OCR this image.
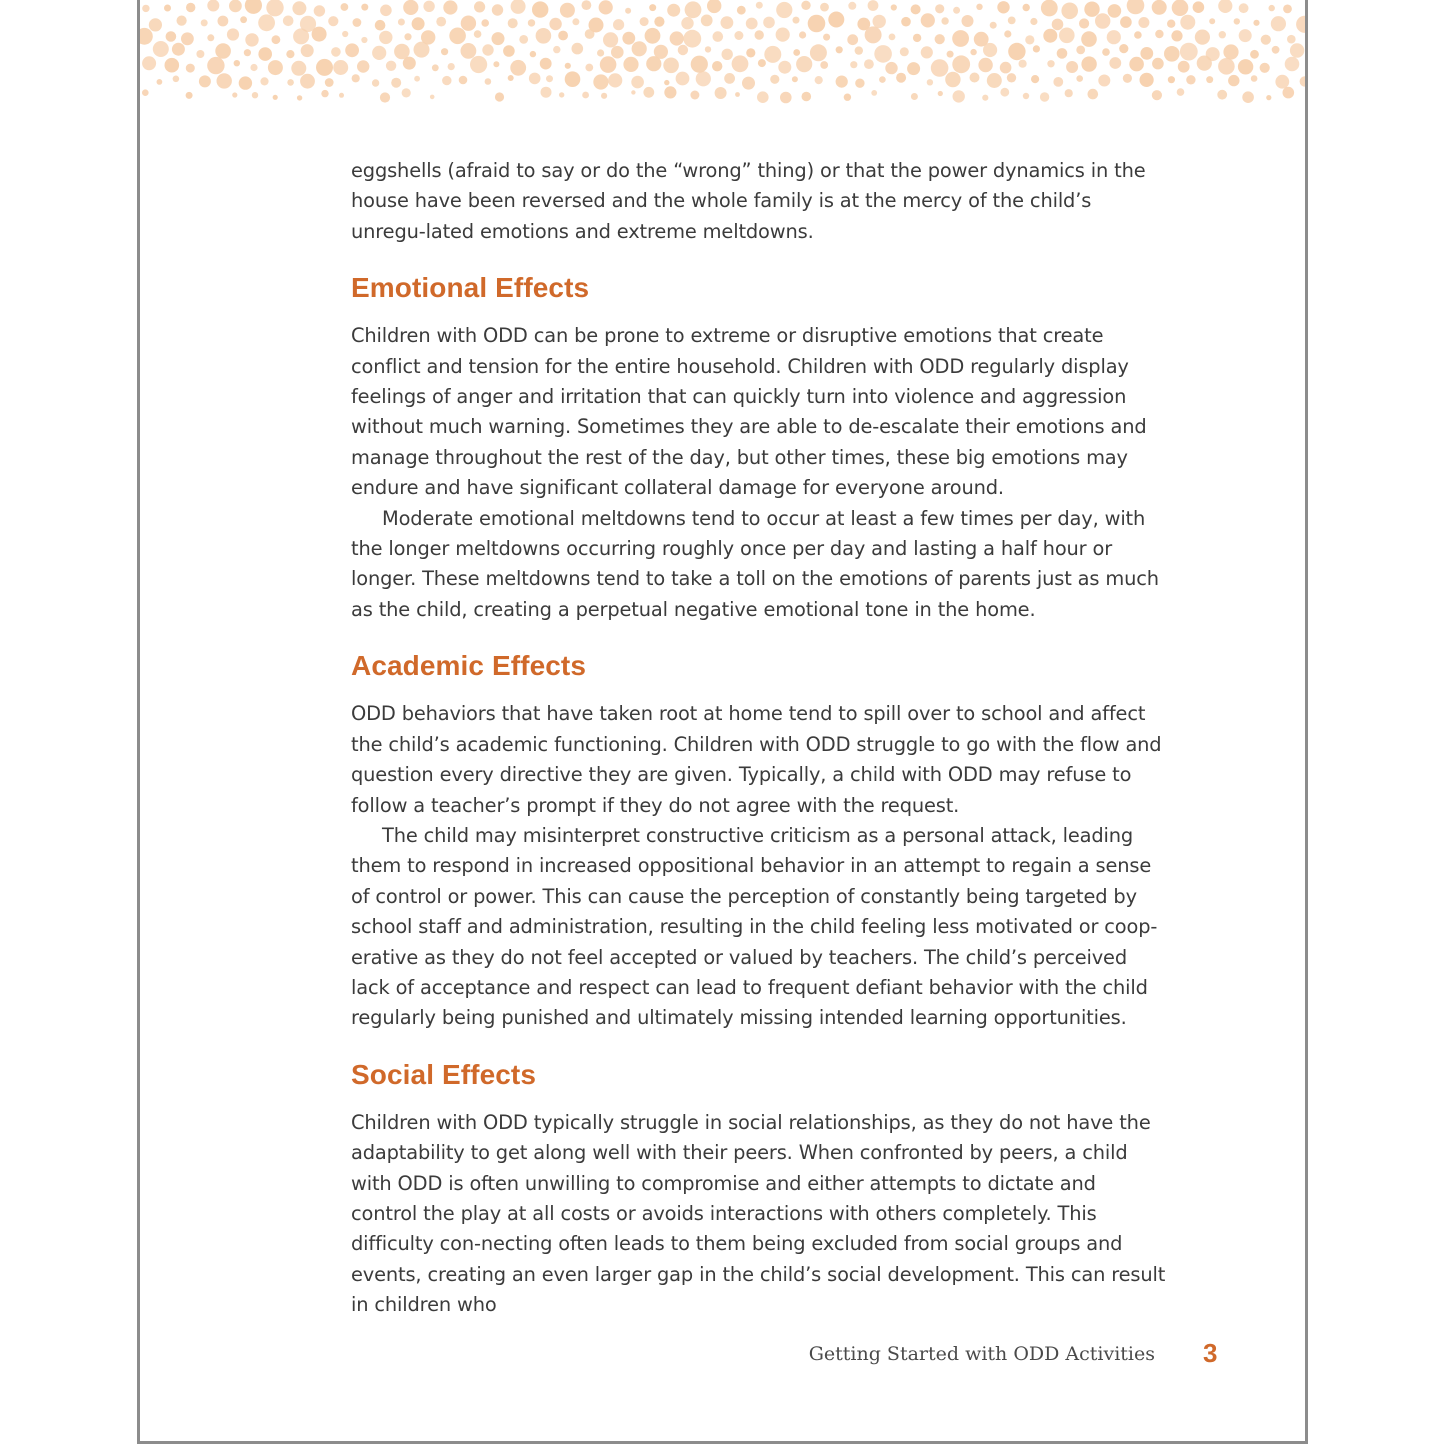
eggshells (afraid to say or do the “wrong” thing) or that the power dynamics in the house have been reversed and the whole family is at the mercy of the child’s unregu-lated emotions and extreme meltdowns.

Emotional Effects

Children with ODD can be prone to extreme or disruptive emotions that create conflict and tension for the entire household. Children with ODD regularly display feelings of anger and irritation that can quickly turn into violence and aggression without much warning. Sometimes they are able to de-escalate their emotions and manage throughout the rest of the day, but other times, these big emotions may endure and have significant collateral damage for everyone around.

Moderate emotional meltdowns tend to occur at least a few times per day, with the longer meltdowns occurring roughly once per day and lasting a half hour or longer. These meltdowns tend to take a toll on the emotions of parents just as much as the child, creating a perpetual negative emotional tone in the home.

Academic Effects

ODD behaviors that have taken root at home tend to spill over to school and affect the child’s academic functioning. Children with ODD struggle to go with the flow and question every directive they are given. Typically, a child with ODD may refuse to follow a teacher’s prompt if they do not agree with the request.

The child may misinterpret constructive criticism as a personal attack, leading them to respond in increased oppositional behavior in an attempt to regain a sense of control or power. This can cause the perception of constantly being targeted by school staff and administration, resulting in the child feeling less motivated or coop-erative as they do not feel accepted or valued by teachers. The child’s perceived lack of acceptance and respect can lead to frequent defiant behavior with the child regularly being punished and ultimately missing intended learning opportunities.

Social Effects

Children with ODD typically struggle in social relationships, as they do not have the adaptability to get along well with their peers. When confronted by peers, a child with ODD is often unwilling to compromise and either attempts to dictate and control the play at all costs or avoids interactions with others completely. This difficulty con-necting often leads to them being excluded from social groups and events, creating an even larger gap in the child’s social development. This can result in children who

Getting Started with ODD Activities 3
